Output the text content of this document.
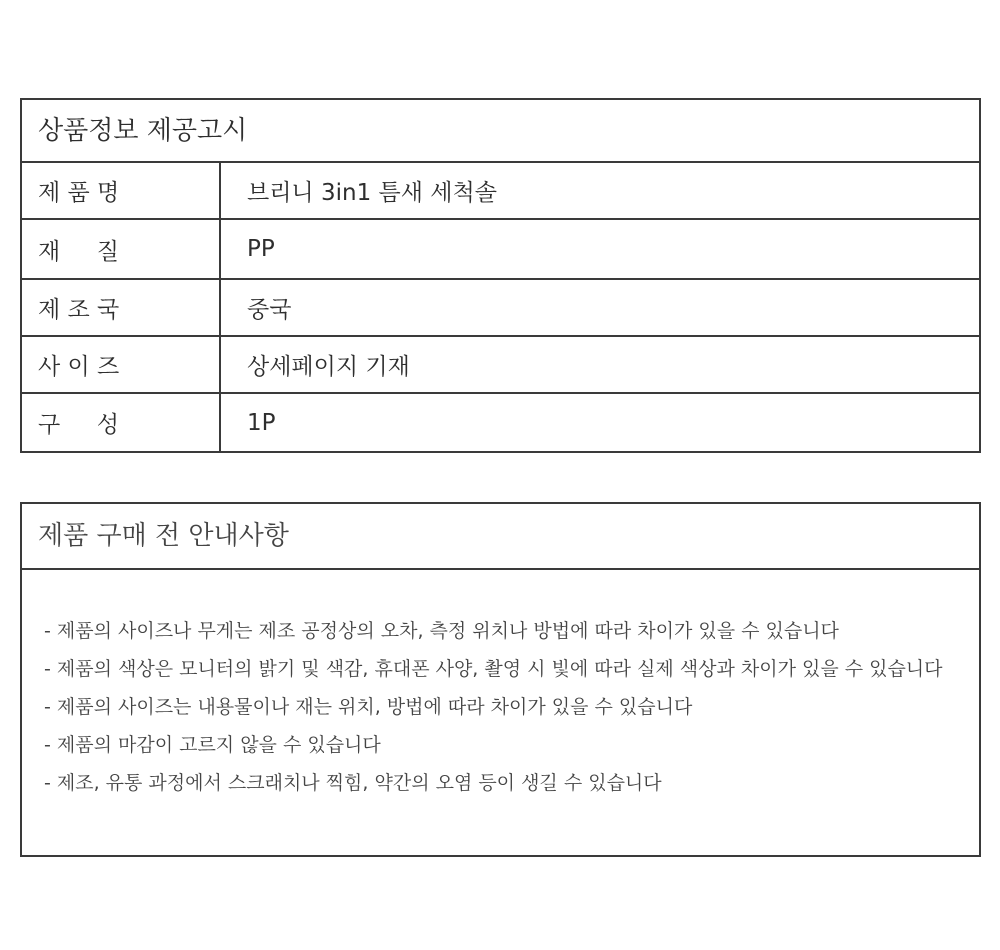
상품정보 제공고시
제 품 명	브리니 3in1 틈새 세척솔
재     질	PP
제 조 국	중국
사 이 즈	상세페이지 기재
구     성	1P
제품 구매 전 안내사항
- 제품의 사이즈나 무게는 제조 공정상의 오차, 측정 위치나 방법에 따라 차이가 있을 수 있습니다
- 제품의 색상은 모니터의 밝기 및 색감, 휴대폰 사양, 촬영 시 빛에 따라 실제 색상과 차이가 있을 수 있습니다
- 제품의 사이즈는 내용물이나 재는 위치, 방법에 따라 차이가 있을 수 있습니다
- 제품의 마감이 고르지 않을 수 있습니다
- 제조, 유통 과정에서 스크래치나 찍힘, 약간의 오염 등이 생길 수 있습니다
